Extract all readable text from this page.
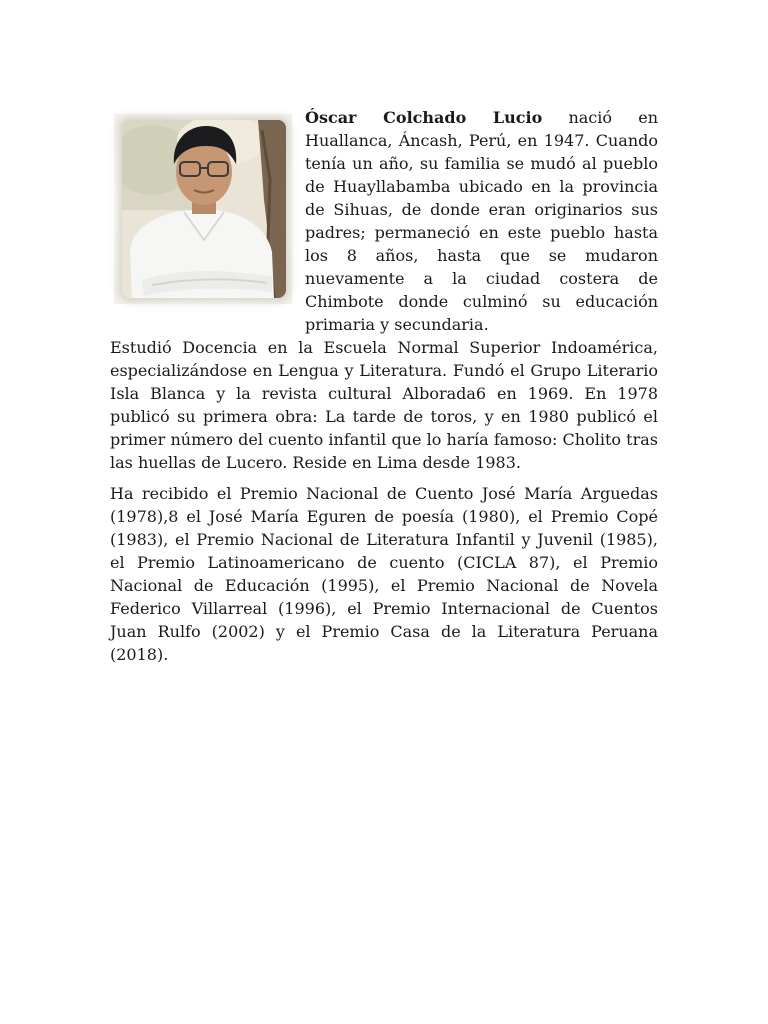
Óscar Colchado Lucio nació en Huallanca, Áncash, Perú, en 1947. Cuando tenía un año, su familia se mudó al pueblo de Huayllabamba ubicado en la provincia de Sihuas, de donde eran originarios sus padres; permaneció en este pueblo hasta los 8 años, hasta que se mudaron nuevamente a la ciudad costera de Chimbote donde culminó su educación primaria y secundaria.

Estudió Docencia en la Escuela Normal Superior Indoamérica, especializándose en Lengua y Literatura. Fundó el Grupo Literario Isla Blanca y la revista cultural Alborada6 en 1969. En 1978 publicó su primera obra: La tarde de toros, y en 1980 publicó el primer número del cuento infantil que lo haría famoso: Cholito tras las huellas de Lucero. Reside en Lima desde 1983.

Ha recibido el Premio Nacional de Cuento José María Arguedas (1978),8 el José María Eguren de poesía (1980), el Premio Copé (1983), el Premio Nacional de Literatura Infantil y Juvenil (1985), el Premio Latinoamericano de cuento (CICLA 87), el Premio Nacional de Educación (1995), el Premio Nacional de Novela Federico Villarreal (1996), el Premio Internacional de Cuentos Juan Rulfo (2002) y el Premio Casa de la Literatura Peruana (2018).
